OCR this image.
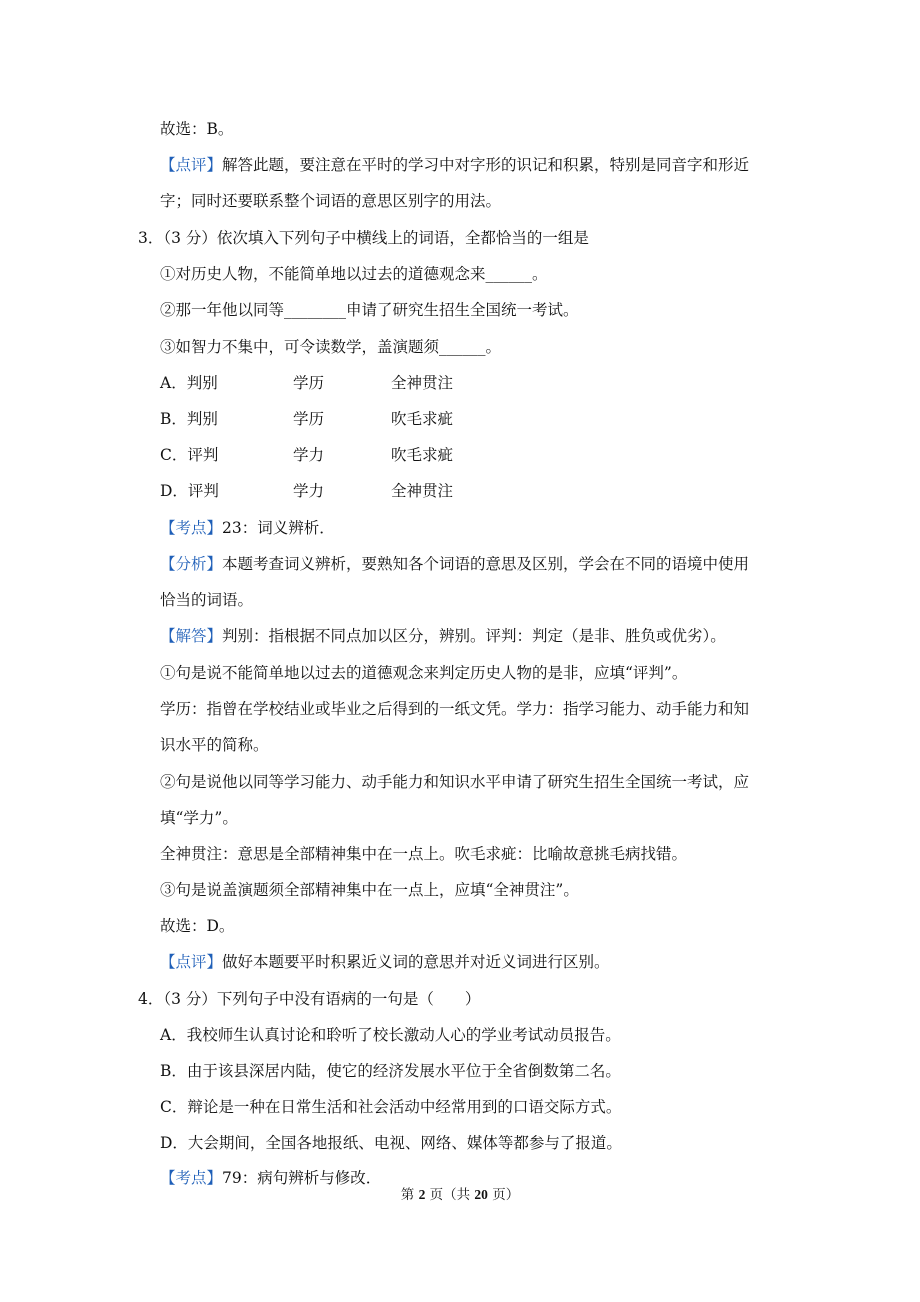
故选：B。
【点评】解答此题，要注意在平时的学习中对字形的识记和积累，特别是同音字和形近
字；同时还要联系整个词语的意思区别字的用法。
3．（3 分）依次填入下列句子中横线上的词语，全都恰当的一组是
①对历史人物，不能简单地以过去的道德观念来______。
②那一年他以同等________申请了研究生招生全国统一考试。
③如智力不集中，可令读数学，盖演题须______。
A．判别	学历	全神贯注
B．判别	学历	吹毛求疵
C．评判	学力	吹毛求疵
D．评判	学力	全神贯注
【考点】23：词义辨析．
【分析】本题考查词义辨析，要熟知各个词语的意思及区别，学会在不同的语境中使用
恰当的词语。
【解答】判别：指根据不同点加以区分，辨别。评判：判定（是非、胜负或优劣）。
①句是说不能简单地以过去的道德观念来判定历史人物的是非，应填“评判”。
学历：指曾在学校结业或毕业之后得到的一纸文凭。学力：指学习能力、动手能力和知
识水平的简称。
②句是说他以同等学习能力、动手能力和知识水平申请了研究生招生全国统一考试，应
填“学力”。
全神贯注：意思是全部精神集中在一点上。吹毛求疵：比喻故意挑毛病找错。
③句是说盖演题须全部精神集中在一点上，应填“全神贯注”。
故选：D。
【点评】做好本题要平时积累近义词的意思并对近义词进行区别。
4．（3 分）下列句子中没有语病的一句是（　　）
A．我校师生认真讨论和聆听了校长激动人心的学业考试动员报告。
B．由于该县深居内陆，使它的经济发展水平位于全省倒数第二名。
C．辩论是一种在日常生活和社会活动中经常用到的口语交际方式。
D．大会期间，全国各地报纸、电视、网络、媒体等都参与了报道。
【考点】79：病句辨析与修改．
第 2 页（共 20 页）
